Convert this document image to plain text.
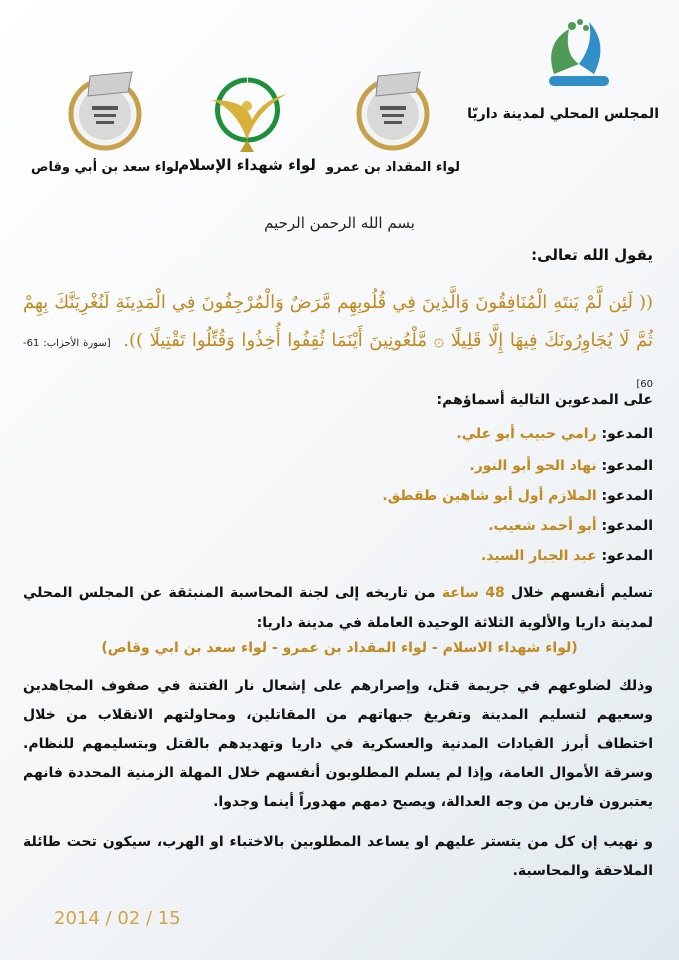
المجلس المحلي لمدينة داريّا
لواء المقداد بن عمرو
لواء شهداء الإسلام
لواء سعد بن أبي وقاص
بسم الله الرحمن الرحيم
يقول الله تعالى:
(( لَئِن لَّمْ يَنتَهِ الْمُنَافِقُونَ وَالَّذِينَ فِي قُلُوبِهِم مَّرَضٌ وَالْمُرْجِفُونَ فِي الْمَدِينَةِ لَنُغْرِيَنَّكَ بِهِمْ ثُمَّ لَا يُجَاوِرُونَكَ فِيهَا إِلَّا قَلِيلًا ۞ مَّلْعُونِينَ أَيْنَمَا ثُقِفُوا أُخِذُوا وَقُتِّلُوا تَقْتِيلًا )). [سورة الأحزاب: 61-60]
على المدعوين التالية أسماؤهم:
المدعو: رامي حبيب أبو علي.
المدعو: نهاد الحو أبو النور.
المدعو: الملازم أول أبو شاهين طقطق.
المدعو: أبو أحمد شعيب.
المدعو: عبد الجبار السيد.
تسليم أنفسهم خلال 48 ساعة من تاريخه إلى لجنة المحاسبة المنبثقة عن المجلس المحلي لمدينة داريا والألوية الثلاثة الوحيدة العاملة في مدينة داريا:
(لواء شهداء الاسلام - لواء المقداد بن عمرو - لواء سعد بن ابي وقاص)
وذلك لضلوعهم في جريمة قتل، وإصرارهم على إشعال نار الفتنة في صفوف المجاهدين وسعيهم لتسليم المدينة وتفريغ جبهاتهم من المقاتلين، ومحاولتهم الانقلاب من خلال اختطاف أبرز القيادات المدنية والعسكرية في داريا وتهديدهم بالقتل وبتسليمهم للنظام. وسرقة الأموال العامة، وإذا لم يسلم المطلوبون أنفسهم خلال المهلة الزمنية المحددة فانهم يعتبرون فارين من وجه العدالة، ويصبح دمهم مهدوراً أينما وجدوا.
و نهيب إن كل من يتستر عليهم او يساعد المطلوبين بالاختباء او الهرب، سيكون تحت طائلة الملاحقة والمحاسبة.
2014 / 02 / 15
